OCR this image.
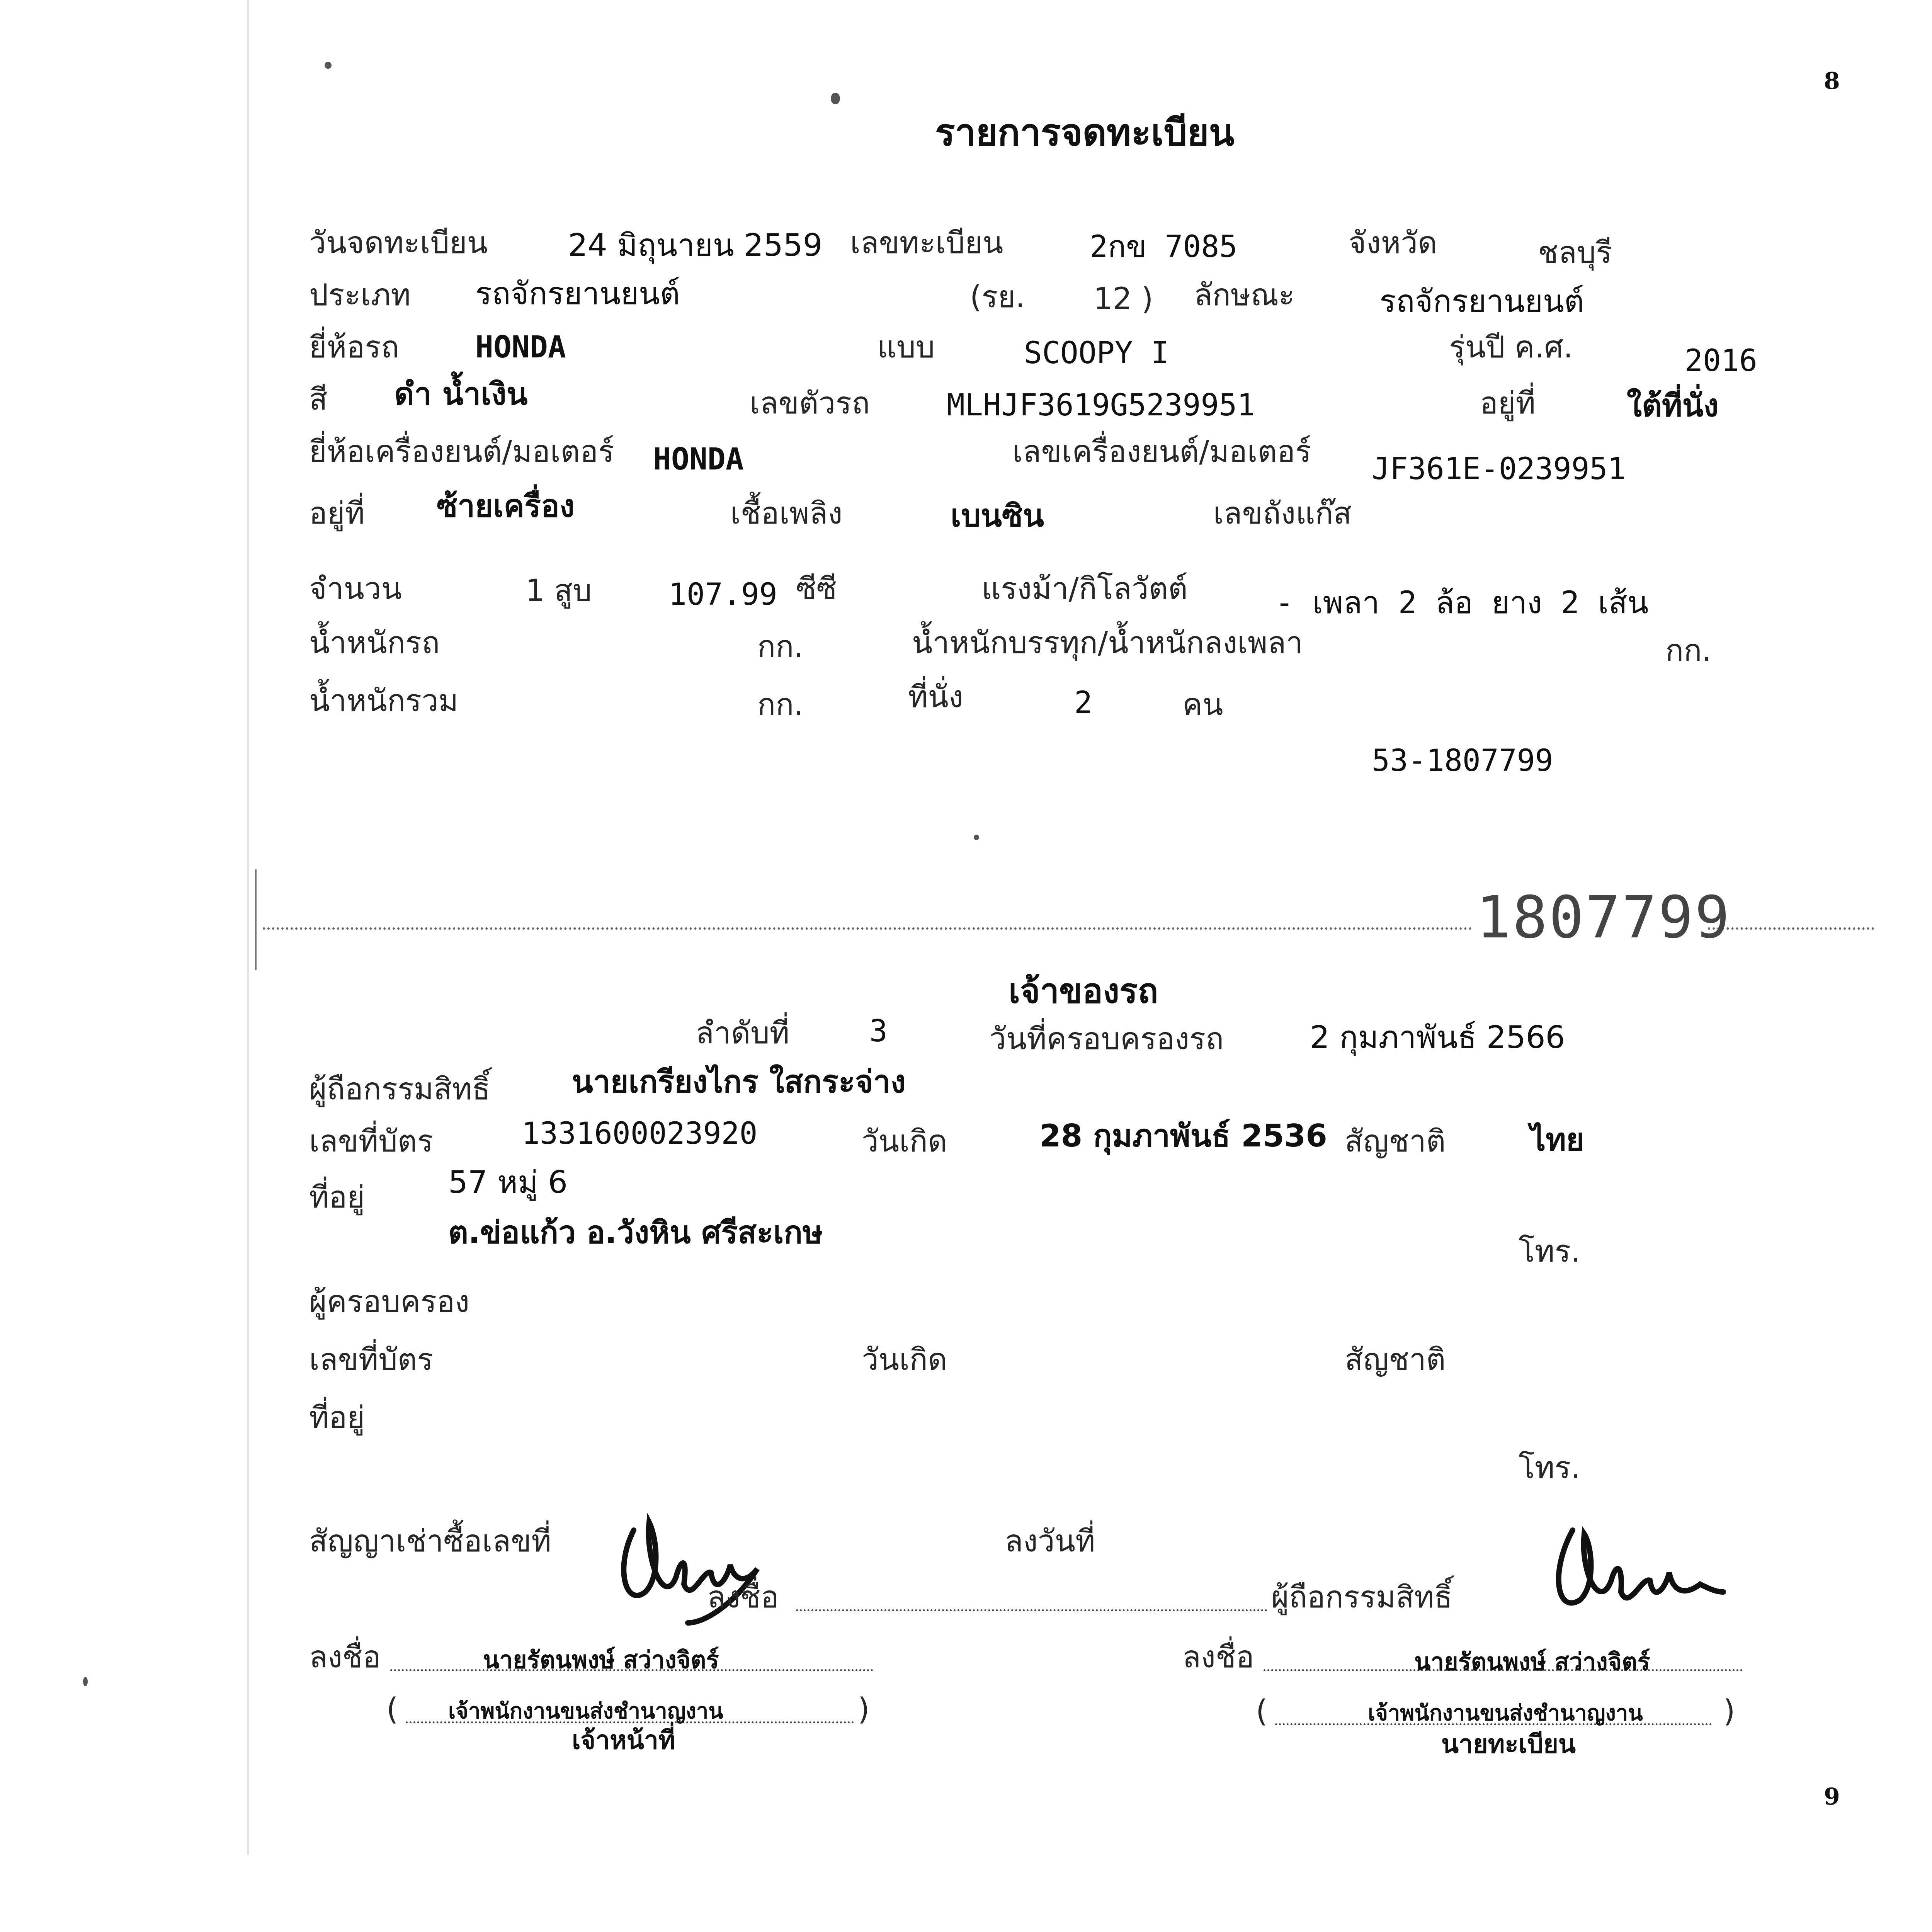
8
9
รายการจดทะเบียน
วันจดทะเบียน	24 มิถุนายน 2559 เลขทะเบียน	2กข 7085	จังหวัด	ชลบุรี
ประเภท รถจักรยานยนต์	(รย. 12 ) ลักษณะ	รถจักรยานยนต์
ยี่ห้อรถ	HONDA	แบบ	SCOOPY I	รุ่นปี ค.ศ.	2016
สี ดำ น้ำเงิน	เลขตัวรถ	MLHJF3619G5239951	อยู่ที่	ใต้ที่นั่ง
ยี่ห้อเครื่องยนต์/มอเตอร์ HONDA	เลขเครื่องยนต์/มอเตอร์ JF361E-0239951
อยู่ที่ ซ้ายเครื่อง	เชื้อเพลิง	เบนซิน	เลขถังแก๊ส
จำนวน	1 สูบ	107.99 ซีซี	แรงม้า/กิโลวัตต์	- เพลา 2 ล้อ ยาง 2 เส้น
น้ำหนักรถ	กก.	น้ำหนักบรรทุก/น้ำหนักลงเพลา	กก.
น้ำหนักรวม	กก.	ที่นั่ง	2	คน
53-1807799
1807799
เจ้าของรถ
ลำดับที่	3	วันที่ครอบครองรถ	2 กุมภาพันธ์ 2566
ผู้ถือกรรมสิทธิ์	นายเกรียงไกร ใสกระจ่าง
เลขที่บัตร	1331600023920	วันเกิด	28 กุมภาพันธ์ 2536 สัญชาติ	ไทย
ที่อยู่	57 หมู่ 6
ต.ข่อแก้ว อ.วังหิน ศรีสะเกษ
โทร.
ผู้ครอบครอง
เลขที่บัตร	วันเกิด	สัญชาติ
ที่อยู่
โทร.
สัญญาเช่าซื้อเลขที่	ลงวันที่
ลงชื่อ	ผู้ถือกรรมสิทธิ์
ลงชื่อ	นายรัตนพงษ์ สว่างจิตร์	ลงชื่อ	นายรัตนพงษ์ สว่างจิตร์
( เจ้าพนักงานขนส่งชำนาญงาน	)
เจ้าหน้าที่
(	เจ้าพนักงานขนส่งชำนาญงาน	)
นายทะเบียน
